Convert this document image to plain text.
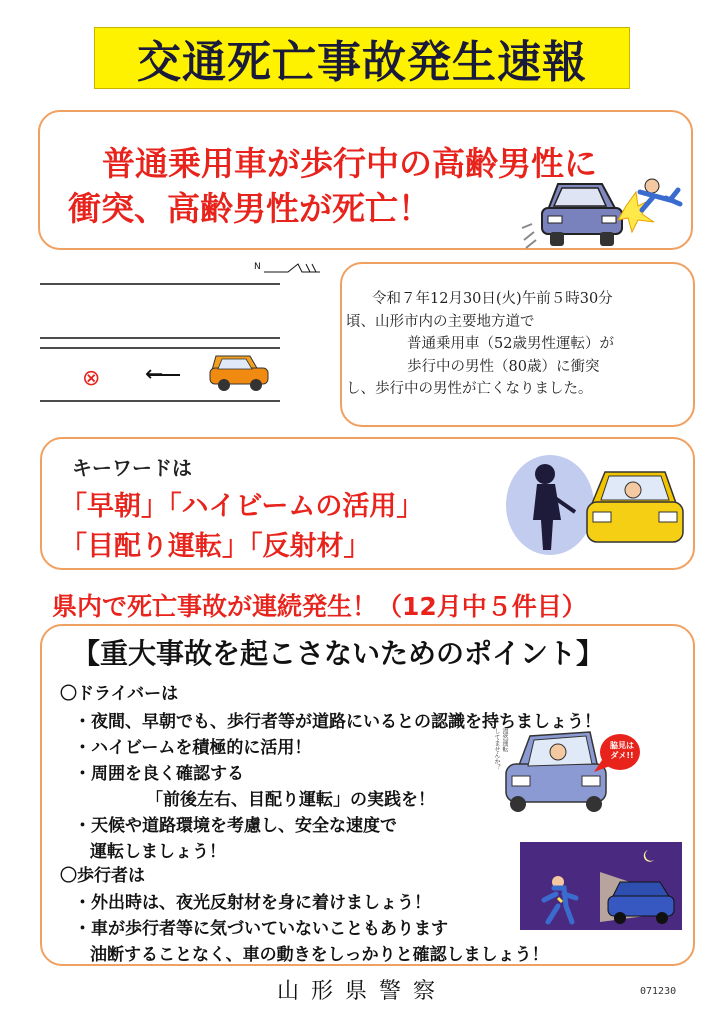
交通死亡事故発生速報
普通乗用車が歩行中の高齢男性に
衝突、高齢男性が死亡！
N
⊗ ←
令和７年12月30日(火)午前５時30分
頃、山形市内の主要地方道で
普通乗用車（52歳男性運転）が
歩行中の男性（80歳）に衝突
し、歩行中の男性が亡くなりました。
キーワードは
「早朝」「ハイビームの活用」
「目配り運転」「反射材」
県内で死亡事故が連続発生！（12月中５件目）
【重大事故を起こさないためのポイント】
〇ドライバーは
・夜間、早朝でも、歩行者等が道路にいるとの認識を持ちましょう！
・ハイビームを積極的に活用！
・周囲を良く確認する
「前後左右、目配り運転」の実践を！
・天候や道路環境を考慮し、安全な速度で
運転しましょう！
〇歩行者は
・外出時は、夜光反射材を身に着けましょう！
・車が歩行者等に気づいていないこともあります
油断することなく、車の動きをしっかりと確認しましょう！
脇見は
ダメ!!
漫然運転
してませんか？
山形県警察	071230
